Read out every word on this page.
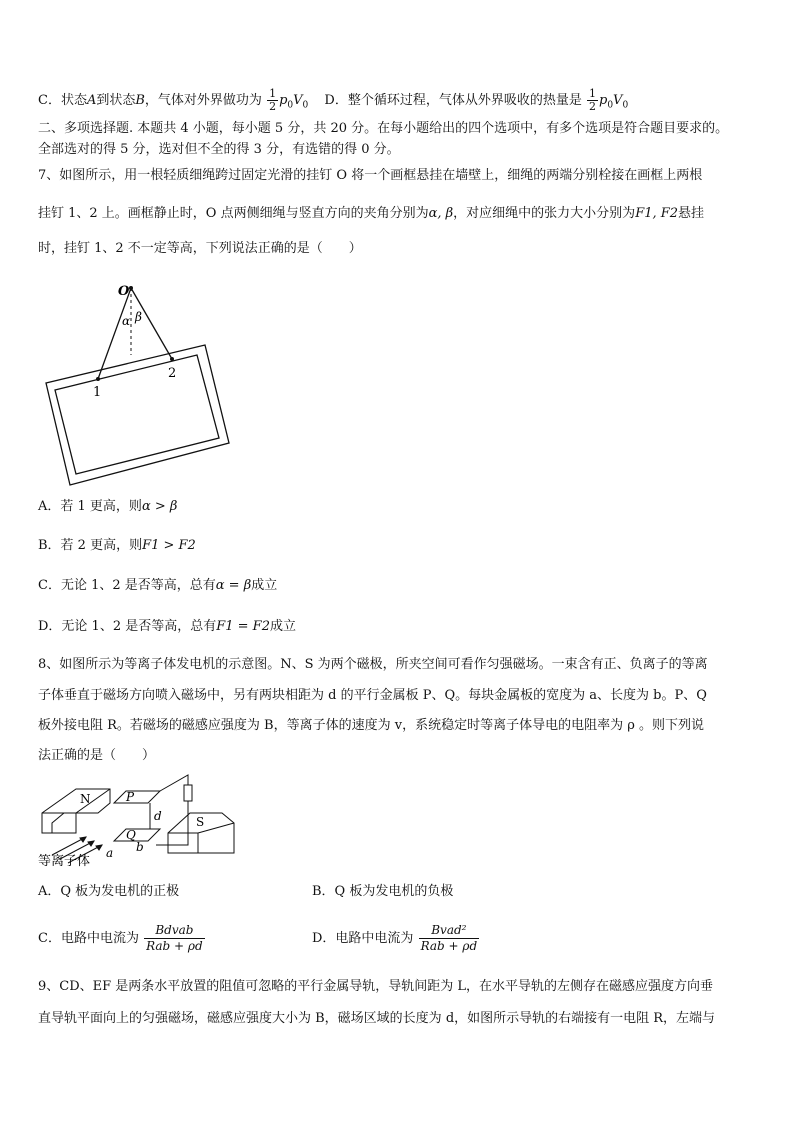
C．状态A到状态B，气体对外界做功为 $\frac{1}{2} p_0V_0$ D．整个循环过程，气体从外界吸收的热量是 $\frac{1}{2} p_0V_0$
二、多项选择题. 本题共 4 小题，每小题 5 分，共 20 分。在每小题给出的四个选项中，有多个选项是符合题目要求的。
全部选对的得 5 分，选对但不全的得 3 分，有选错的得 0 分。
7、如图所示，用一根轻质细绳跨过固定光滑的挂钉 O 将一个画框悬挂在墙壁上，细绳的两端分别栓接在画框上两根
挂钉 1、2 上。画框静止时，O 点两侧细绳与竖直方向的夹角分别为α, β，对应细绳中的张力大小分别为F1, F2悬挂
时，挂钉 1、2 不一定等高，下列说法正确的是（　　）
O
α β
1
2
A．若 1 更高，则α > β
B．若 2 更高，则F1 > F2
C．无论 1、2 是否等高，总有α = β成立
D．无论 1、2 是否等高，总有F1 = F2成立
8、如图所示为等离子体发电机的示意图。N、S 为两个磁极，所夹空间可看作匀强磁场。一束含有正、负离子的等离
子体垂直于磁场方向喷入磁场中，另有两块相距为 d 的平行金属板 P、Q。每块金属板的宽度为 a、长度为 b。P、Q
板外接电阻 R。若磁场的磁感应强度为 B，等离子体的速度为 v，系统稳定时等离子体导电的电阻率为 ρ 。则下列说
法正确的是（　　）
N	P
Q
d	S
a b
等离子体
A．Q 板为发电机的正极	B．Q 板为发电机的负极
C．电路中电流为 $\frac{\text{Bdvab}}{\text{Rab + ρd}}$	D．电路中电流为 $\frac{\text{Bvad²}}{\text{Rab + ρd}}$
9、CD、EF 是两条水平放置的阻值可忽略的平行金属导轨，导轨间距为 L，在水平导轨的左侧存在磁感应强度方向垂
直导轨平面向上的匀强磁场，磁感应强度大小为 B，磁场区域的长度为 d，如图所示导轨的右端接有一电阻 R，左端与
